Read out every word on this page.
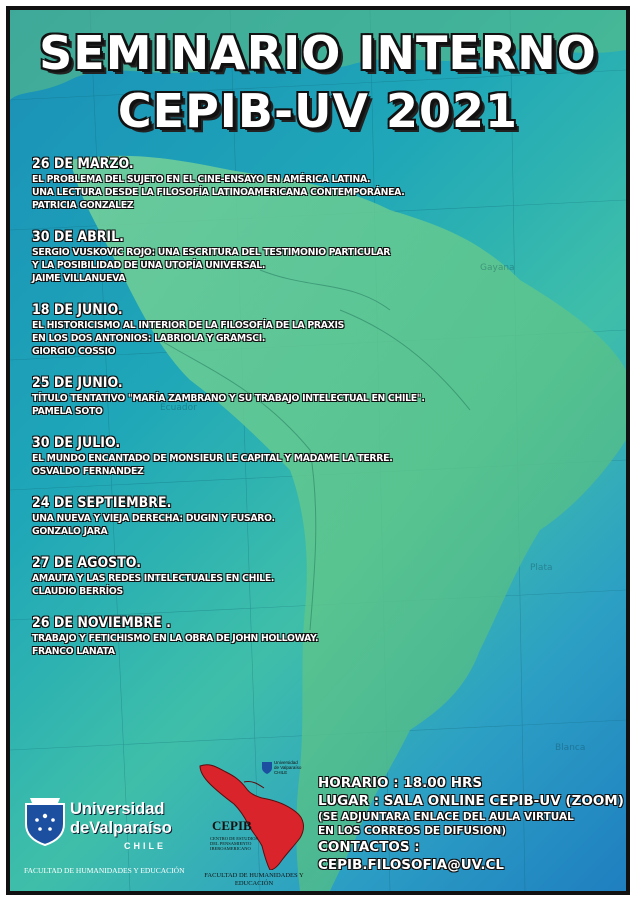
Gayana
Plata
Blanca
Ecuador
SEMINARIO INTERNO
CEPIB-UV 2021
26 DE MARZO.
EL PROBLEMA DEL SUJETO EN EL CINE-ENSAYO EN AMÉRICA LATINA.
UNA LECTURA DESDE LA FILOSOFÍA LATINOAMERICANA CONTEMPORÁNEA.
PATRICIA GONZALEZ
30 DE ABRIL.
SERGIO VUSKOVIC ROJO: UNA ESCRITURA DEL TESTIMONIO PARTICULAR
Y LA POSIBILIDAD DE UNA UTOPÍA UNIVERSAL.
JAIME VILLANUEVA
18 DE JUNIO.
EL HISTORICISMO AL INTERIOR DE LA FILOSOFÍA DE LA PRAXIS
EN LOS DOS ANTONIOS: LABRIOLA Y GRAMSCI.
GIORGIO COSSIO
25 DE JUNIO.
TÍTULO TENTATIVO "MARÍA ZAMBRANO Y SU TRABAJO INTELECTUAL EN CHILE".
PAMELA SOTO
30 DE JULIO.
EL MUNDO ENCANTADO DE MONSIEUR LE CAPITAL Y MADAME LA TERRE.
OSVALDO FERNANDEZ
24 DE SEPTIEMBRE.
UNA NUEVA Y VIEJA DERECHA: DUGIN Y FUSARO.
GONZALO JARA
27 DE AGOSTO.
AMAUTA Y LAS REDES INTELECTUALES EN CHILE.
CLAUDIO BERRÍOS
26 DE NOVIEMBRE .
TRABAJO Y FETICHISMO EN LA OBRA DE JOHN HOLLOWAY.
FRANCO LANATA
Universidad
deValparaíso
CHILE
FACULTAD DE HUMANIDADES Y EDUCACIÓN
CEPIB
CENTRO DE ESTUDIOS DEL PENSAMIENTO IBEROAMERICANO
FACULTAD DE HUMANIDADES Y EDUCACIÓN
Universidad de Valparaíso CHILE
HORARIO : 18.00 HRS
LUGAR : SALA ONLINE CEPIB-UV (ZOOM)
(SE ADJUNTARA ENLACE DEL AULA VIRTUAL
EN LOS CORREOS DE DIFUSION)
CONTACTOS :
CEPIB.FILOSOFIA@UV.CL
